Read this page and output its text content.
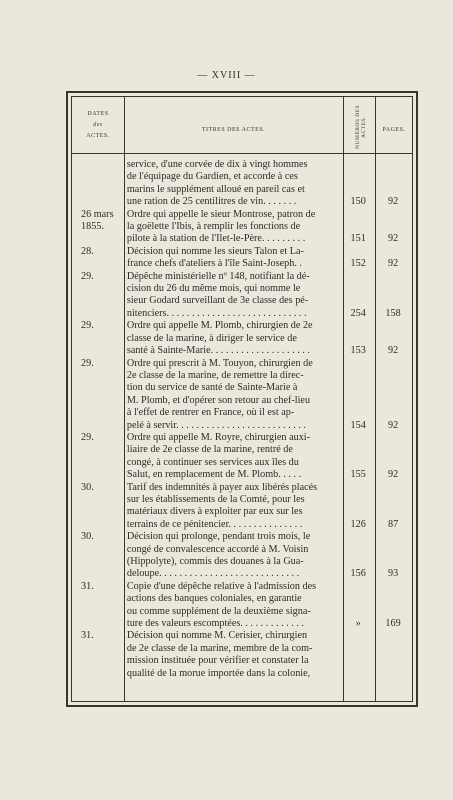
— XVIII —
DATES
des
ACTES.
TITRES DES ACTES.	NUMÉROS DES ACTES.	PAGES.
service, d'une corvée de dix à vingt hommes
de l'équipage du Gardien, et accorde à ces
marins le supplément alloué en pareil cas et
une ration de 25 centilitres de vin. . . . . . .	150 92
26 mars
1855.
Ordre qui appelle le sieur Montrose, patron de
la goëlette l'Ibis, à remplir les fonctions de
pilote à la station de l'Ilet-le-Père. . . . . . . . .	151 92
28.	Décision qui nomme les sieurs Talon et La-
france chefs d'ateliers à l'île Saint-Joseph. .	152 92
29.	Dépêche ministérielle nº 148, notifiant la dé-
cision du 26 du même mois, qui nomme le
sieur Godard surveillant de 3e classe des pé-
nitenciers. . . . . . . . . . . . . . . . . . . . . . . . . . . .	254 158
29.	Ordre qui appelle M. Plomb, chirurgien de 2e
classe de la marine, à diriger le service de
santé à Sainte-Marie. . . . . . . . . . . . . . . . . . . .	153 92
29.	Ordre qui prescrit à M. Touyon, chirurgien de
2e classe de la marine, de remettre la direc-
tion du service de santé de Sainte-Marie à
M. Plomb, et d'opérer son retour au chef-lieu
à l'effet de rentrer en France, où il est ap-
pelé à servir. . . . . . . . . . . . . . . . . . . . . . . . . .	154 92
29.	Ordre qui appelle M. Royre, chirurgien auxi-
liaire de 2e classe de la marine, rentré de
congé, à continuer ses services aux îles du
Salut, en remplacement de M. Plomb. . . . .	155 92
30.	Tarif des indemnités à payer aux libérés placés
sur les établissements de la Comté, pour les
matériaux divers à exploiter par eux sur les
terrains de ce pénitencier. . . . . . . . . . . . . . .	126 87
30.	Décision qui prolonge, pendant trois mois, le
congé de convalescence accordé à M. Voisin
(Hippolyte), commis des douanes à la Gua-
deloupe. . . . . . . . . . . . . . . . . . . . . . . . . . . .	156 93
31.	Copie d'une dépêche relative à l'admission des
actions des banques coloniales, en garantie
ou comme supplément de la deuxième signa-
ture des valeurs escomptées. . . . . . . . . . . . .	» 169
31.	Décision qui nomme M. Cerisier, chirurgien
de 2e classe de la marine, membre de la com-
mission instituée pour vérifier et constater la
qualité de la morue importée dans la colonie,
